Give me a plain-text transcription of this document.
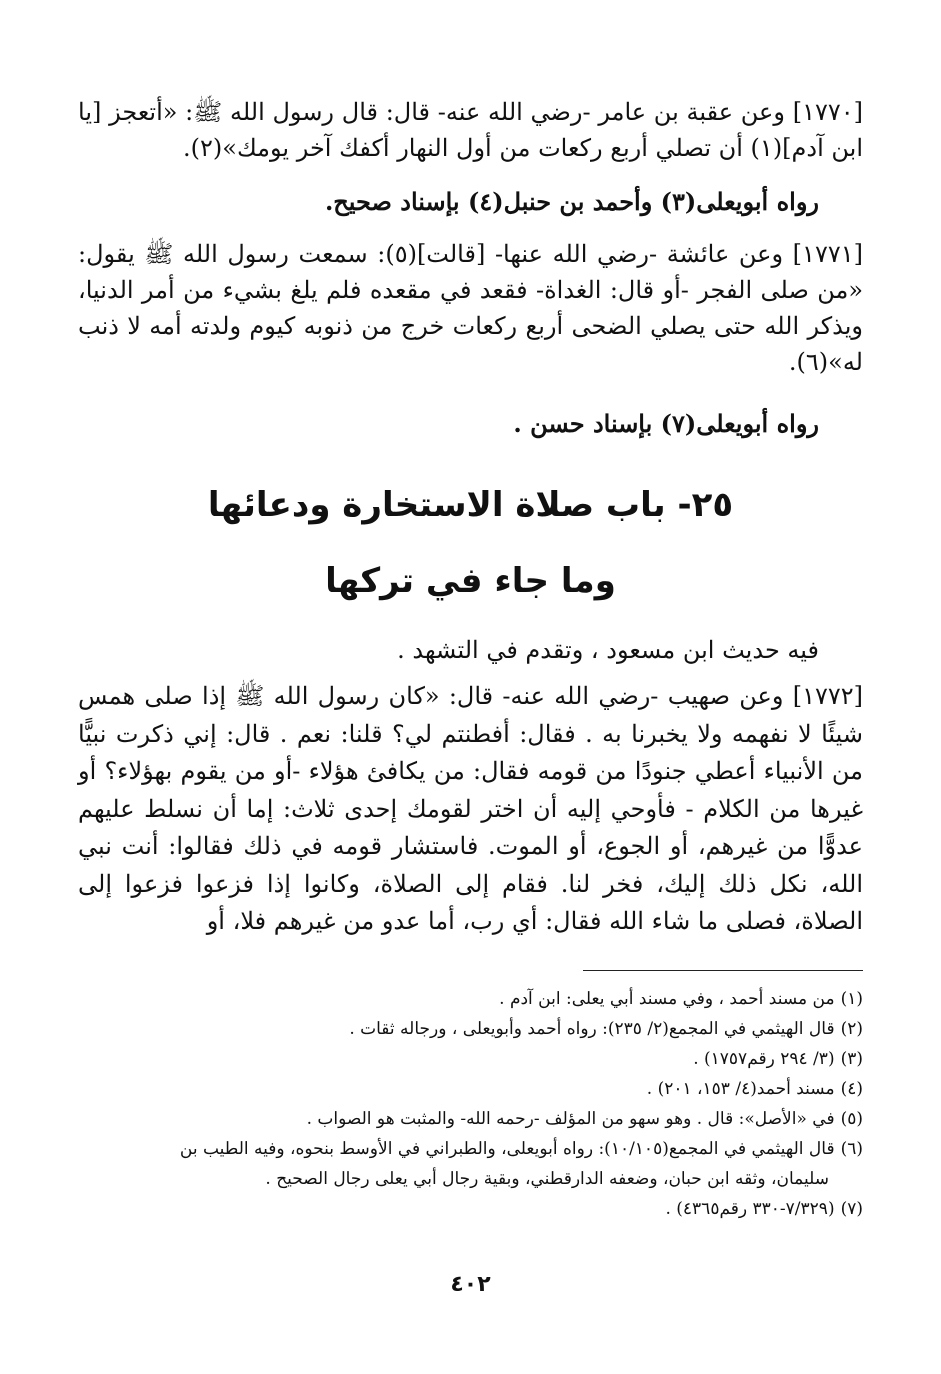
[١٧٧٠] وعن عقبة بن عامر -رضي الله عنه- قال: قال رسول الله ﷺ: «أتعجز [يا ابن آدم](١) أن تصلي أربع ركعات من أول النهار أكفك آخر يومك»(٢).

رواه أبويعلى(٣) وأحمد بن حنبل(٤) بإسناد صحيح.

[١٧٧١] وعن عائشة -رضي الله عنها- [قالت](٥): سمعت رسول الله ﷺ يقول: «من صلى الفجر -أو قال: الغداة- فقعد في مقعده فلم يلغ بشيء من أمر الدنيا، ويذكر الله حتى يصلي الضحى أربع ركعات خرج من ذنوبه كيوم ولدته أمه لا ذنب له»(٦).

رواه أبويعلى(٧) بإسناد حسن .

٢٥- باب صلاة الاستخارة ودعائها
وما جاء في تركها

فيه حديث ابن مسعود ، وتقدم في التشهد .

[١٧٧٢] وعن صهيب -رضي الله عنه- قال: «كان رسول الله ﷺ إذا صلى همس شيئًا لا نفهمه ولا يخبرنا به . فقال: أفطنتم لي؟ قلنا: نعم . قال: إني ذكرت نبيًّا من الأنبياء أعطي جنودًا من قومه فقال: من يكافئ هؤلاء -أو من يقوم بهؤلاء؟ أو غيرها من الكلام - فأوحي إليه أن اختر لقومك إحدى ثلاث: إما أن نسلط عليهم عدوًّا من غيرهم، أو الجوع، أو الموت. فاستشار قومه في ذلك فقالوا: أنت نبي الله، نكل ذلك إليك، فخر لنا. فقام إلى الصلاة، وكانوا إذا فزعوا فزعوا إلى الصلاة، فصلى ما شاء الله فقال: أي رب، أما عدو من غيرهم فلا، أو

(١)من مسند أحمد ، وفي مسند أبي يعلى: ابن آدم .
(٢)قال الهيثمي في المجمع(٢/ ٢٣٥): رواه أحمد وأبويعلى ، ورجاله ثقات .
(٣)(٣/ ٢٩٤ رقم١٧٥٧) .
(٤)مسند أحمد(٤/ ١٥٣، ٢٠١) .
(٥)في «الأصل»: قال . وهو سهو من المؤلف -رحمه الله- والمثبت هو الصواب .
(٦)قال الهيثمي في المجمع(١٠/١٠٥): رواه أبويعلى، والطبراني في الأوسط بنحوه، وفيه الطيب بن
سليمان، وثقه ابن حبان، وضعفه الدارقطني، وبقية رجال أبي يعلى رجال الصحيح .
(٧)(٧/٣٢٩-٣٣٠ رقم٤٣٦٥) .
٤٠٢
